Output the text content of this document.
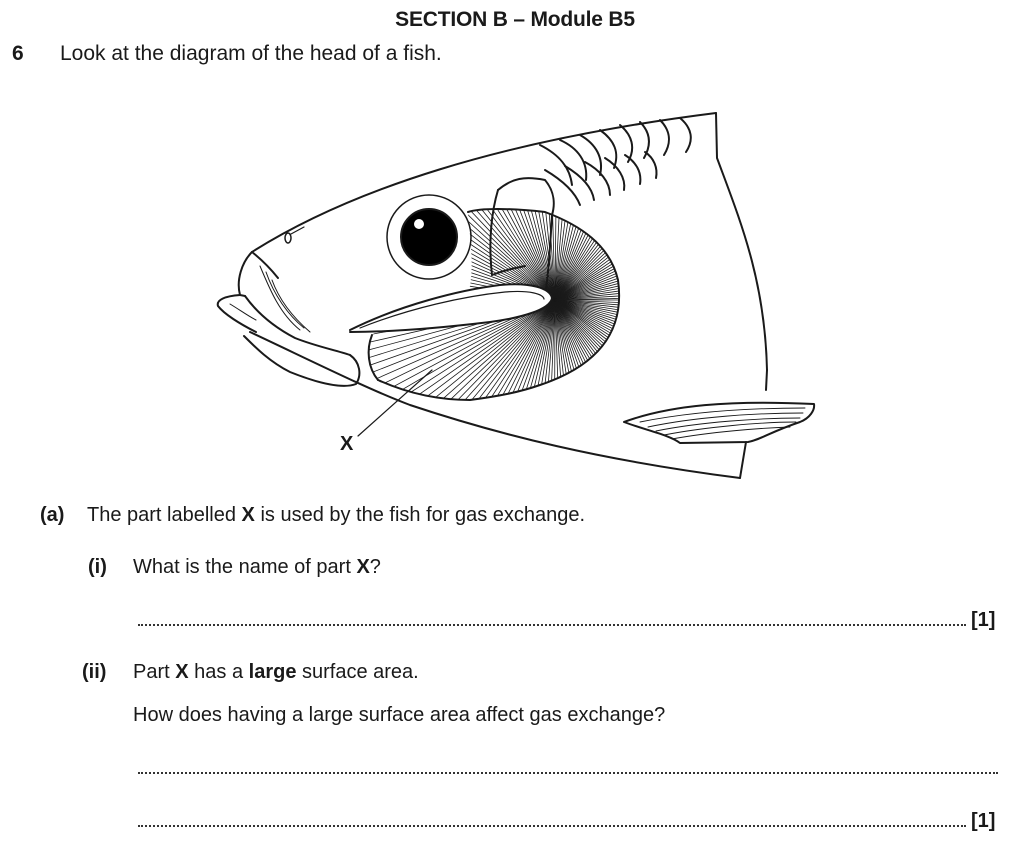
SECTION B – Module B5
6 Look at the diagram of the head of a fish.
X
(a) The part labelled X is used by the fish for gas exchange.
(i) What is the name of part X?
[1]
(ii) Part X has a large surface area.
How does having a large surface area affect gas exchange?
[1]
